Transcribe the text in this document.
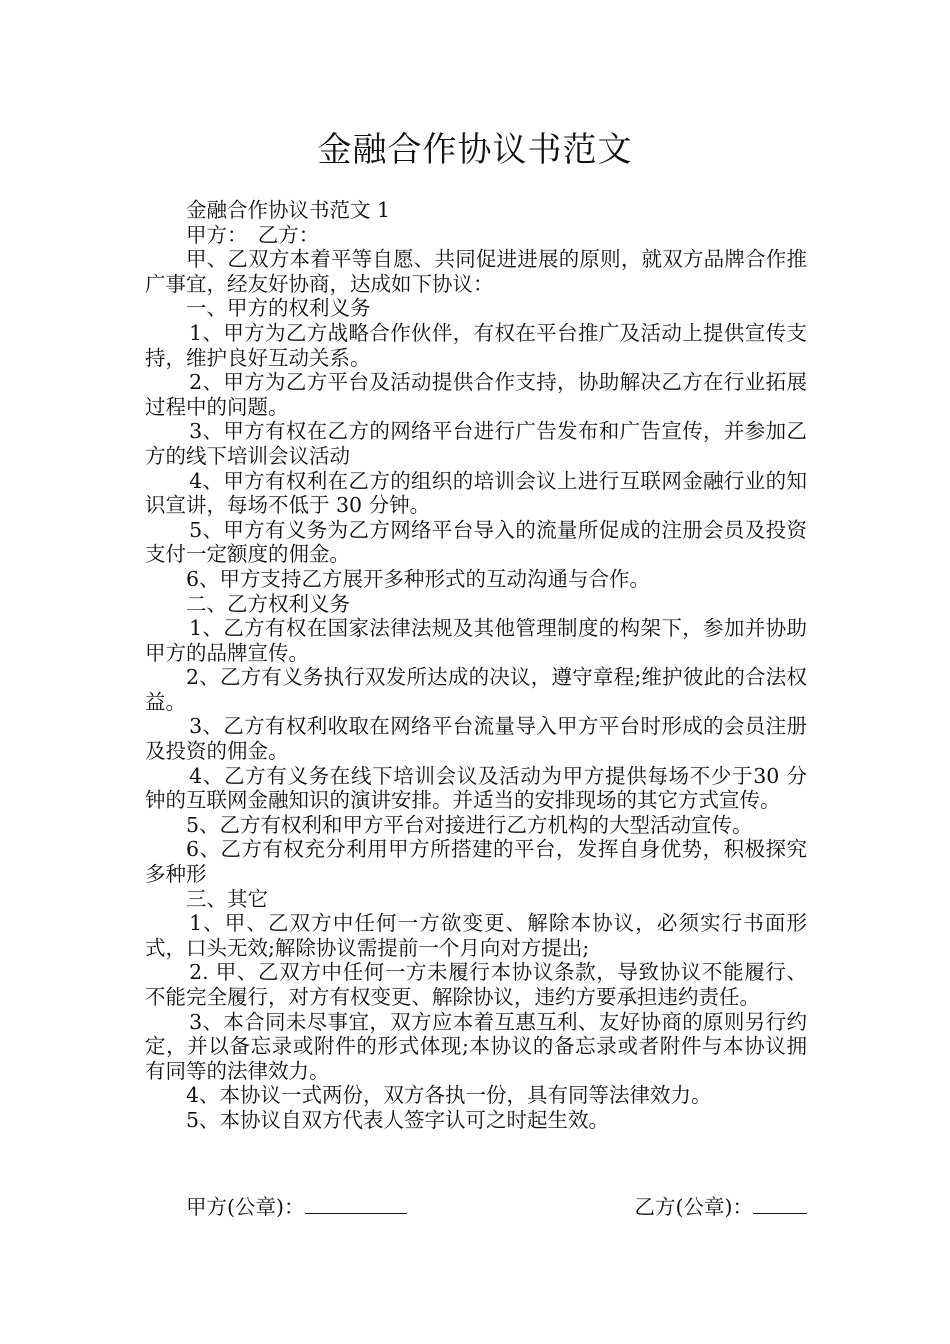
金融合作协议书范文

金融合作协议书范文 1

甲方：　乙方：

甲、乙双方本着平等自愿、共同促进进展的原则，就双方品牌合作推广事宜，经友好协商，达成如下协议：

一、甲方的权利义务

1、甲方为乙方战略合作伙伴，有权在平台推广及活动上提供宣传支持，维护良好互动关系。

2、甲方为乙方平台及活动提供合作支持，协助解决乙方在行业拓展过程中的问题。

3、甲方有权在乙方的网络平台进行广告发布和广告宣传，并参加乙方的线下培训会议活动

4、甲方有权利在乙方的组织的培训会议上进行互联网金融行业的知识宣讲，每场不低于 30 分钟。

5、甲方有义务为乙方网络平台导入的流量所促成的注册会员及投资支付一定额度的佣金。

6、甲方支持乙方展开多种形式的互动沟通与合作。

二、乙方权利义务

1、乙方有权在国家法律法规及其他管理制度的构架下，参加并协助甲方的品牌宣传。

2、乙方有义务执行双发所达成的决议，遵守章程;维护彼此的合法权益。

3、乙方有权利收取在网络平台流量导入甲方平台时形成的会员注册及投资的佣金。

4、乙方有义务在线下培训会议及活动为甲方提供每场不少于30 分钟的互联网金融知识的演讲安排。并适当的安排现场的其它方式宣传。

5、乙方有权利和甲方平台对接进行乙方机构的大型活动宣传。

6、乙方有权充分利用甲方所搭建的平台，发挥自身优势，积极探究多种形

三、其它

1、甲、乙双方中任何一方欲变更、解除本协议，必须实行书面形式，口头无效;解除协议需提前一个月向对方提出;

2. 甲、乙双方中任何一方未履行本协议条款，导致协议不能履行、不能完全履行，对方有权变更、解除协议，违约方要承担违约责任。

3、本合同未尽事宜，双方应本着互惠互利、友好协商的原则另行约定，并以备忘录或附件的形式体现;本协议的备忘录或者附件与本协议拥有同等的法律效力。

4、本协议一式两份，双方各执一份，具有同等法律效力。

5、本协议自双方代表人签字认可之时起生效。

甲方(公章)：	乙方(公章)：
